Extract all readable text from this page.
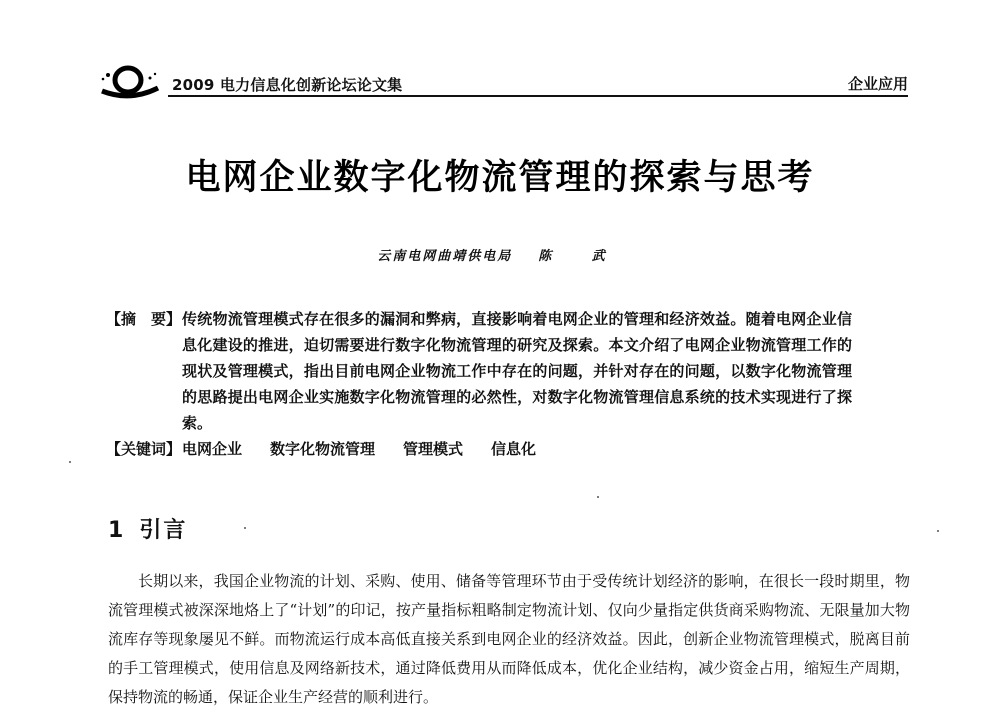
2009 电力信息化创新论坛论文集	企业应用
电网企业数字化物流管理的探索与思考
云南电网曲靖供电局 陈 武
【摘　要】 传统物流管理模式存在很多的漏洞和弊病，直接影响着电网企业的管理和经济效益。随着电网企业信息化建设的推进，迫切需要进行数字化物流管理的研究及探索。本文介绍了电网企业物流管理工作的现状及管理模式，指出目前电网企业物流工作中存在的问题，并针对存在的问题，以数字化物流管理的思路提出电网企业实施数字化物流管理的必然性，对数字化物流管理信息系统的技术实现进行了探索。
【关键词】 电网企业 数字化物流管理 管理模式 信息化
1 引言
长期以来，我国企业物流的计划、采购、使用、储备等管理环节由于受传统计划经济的影响，在很长一段时期里，物流管理模式被深深地烙上了“计划”的印记，按产量指标粗略制定物流计划、仅向少量指定供货商采购物流、无限量加大物流库存等现象屡见不鲜。而物流运行成本高低直接关系到电网企业的经济效益。因此，创新企业物流管理模式，脱离目前的手工管理模式，使用信息及网络新技术，通过降低费用从而降低成本，优化企业结构，减少资金占用，缩短生产周期，保持物流的畅通，保证企业生产经营的顺利进行。
